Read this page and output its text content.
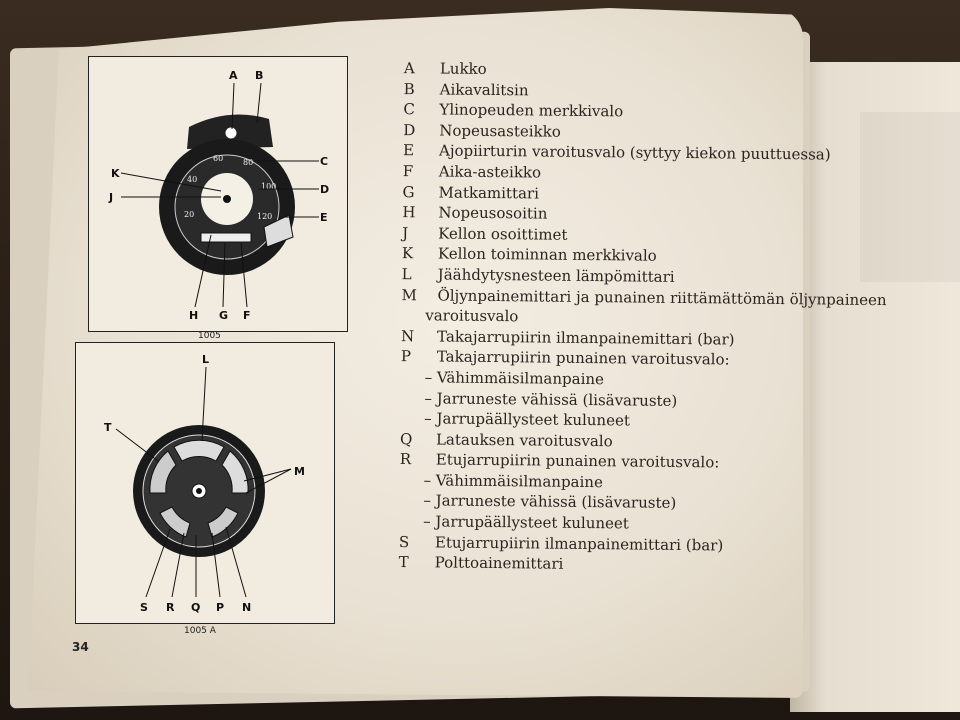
20
40
60 80
100
120
A B
C
D
E
F
G
H
J
K
1005
L
M
N
P
Q
R
S
T
1005 A
34
A	Lukko
B	Aikavalitsin
C	Ylinopeuden merkkivalo
D	Nopeusasteikko
E	Ajopiirturin varoitusvalo (syttyy kiekon puuttuessa)
F	Aika-asteikko
G	Matkamittari
H	Nopeusosoitin
J	Kellon osoittimet
K	Kellon toiminnan merkkivalo
L	Jäähdytysnesteen lämpömittari
M	Öljynpainemittari ja punainen riittämättömän öljynpaineen
varoitusvalo
N	Takajarrupiirin ilmanpainemittari (bar)
P	Takajarrupiirin punainen varoitusvalo:
– Vähimmäisilmanpaine
– Jarruneste vähissä (lisävaruste)
– Jarrupäällysteet kuluneet
Q	Latauksen varoitusvalo
R	Etujarrupiirin punainen varoitusvalo:
– Vähimmäisilmanpaine
– Jarruneste vähissä (lisävaruste)
– Jarrupäällysteet kuluneet
S	Etujarrupiirin ilmanpainemittari (bar)
T	Polttoainemittari
